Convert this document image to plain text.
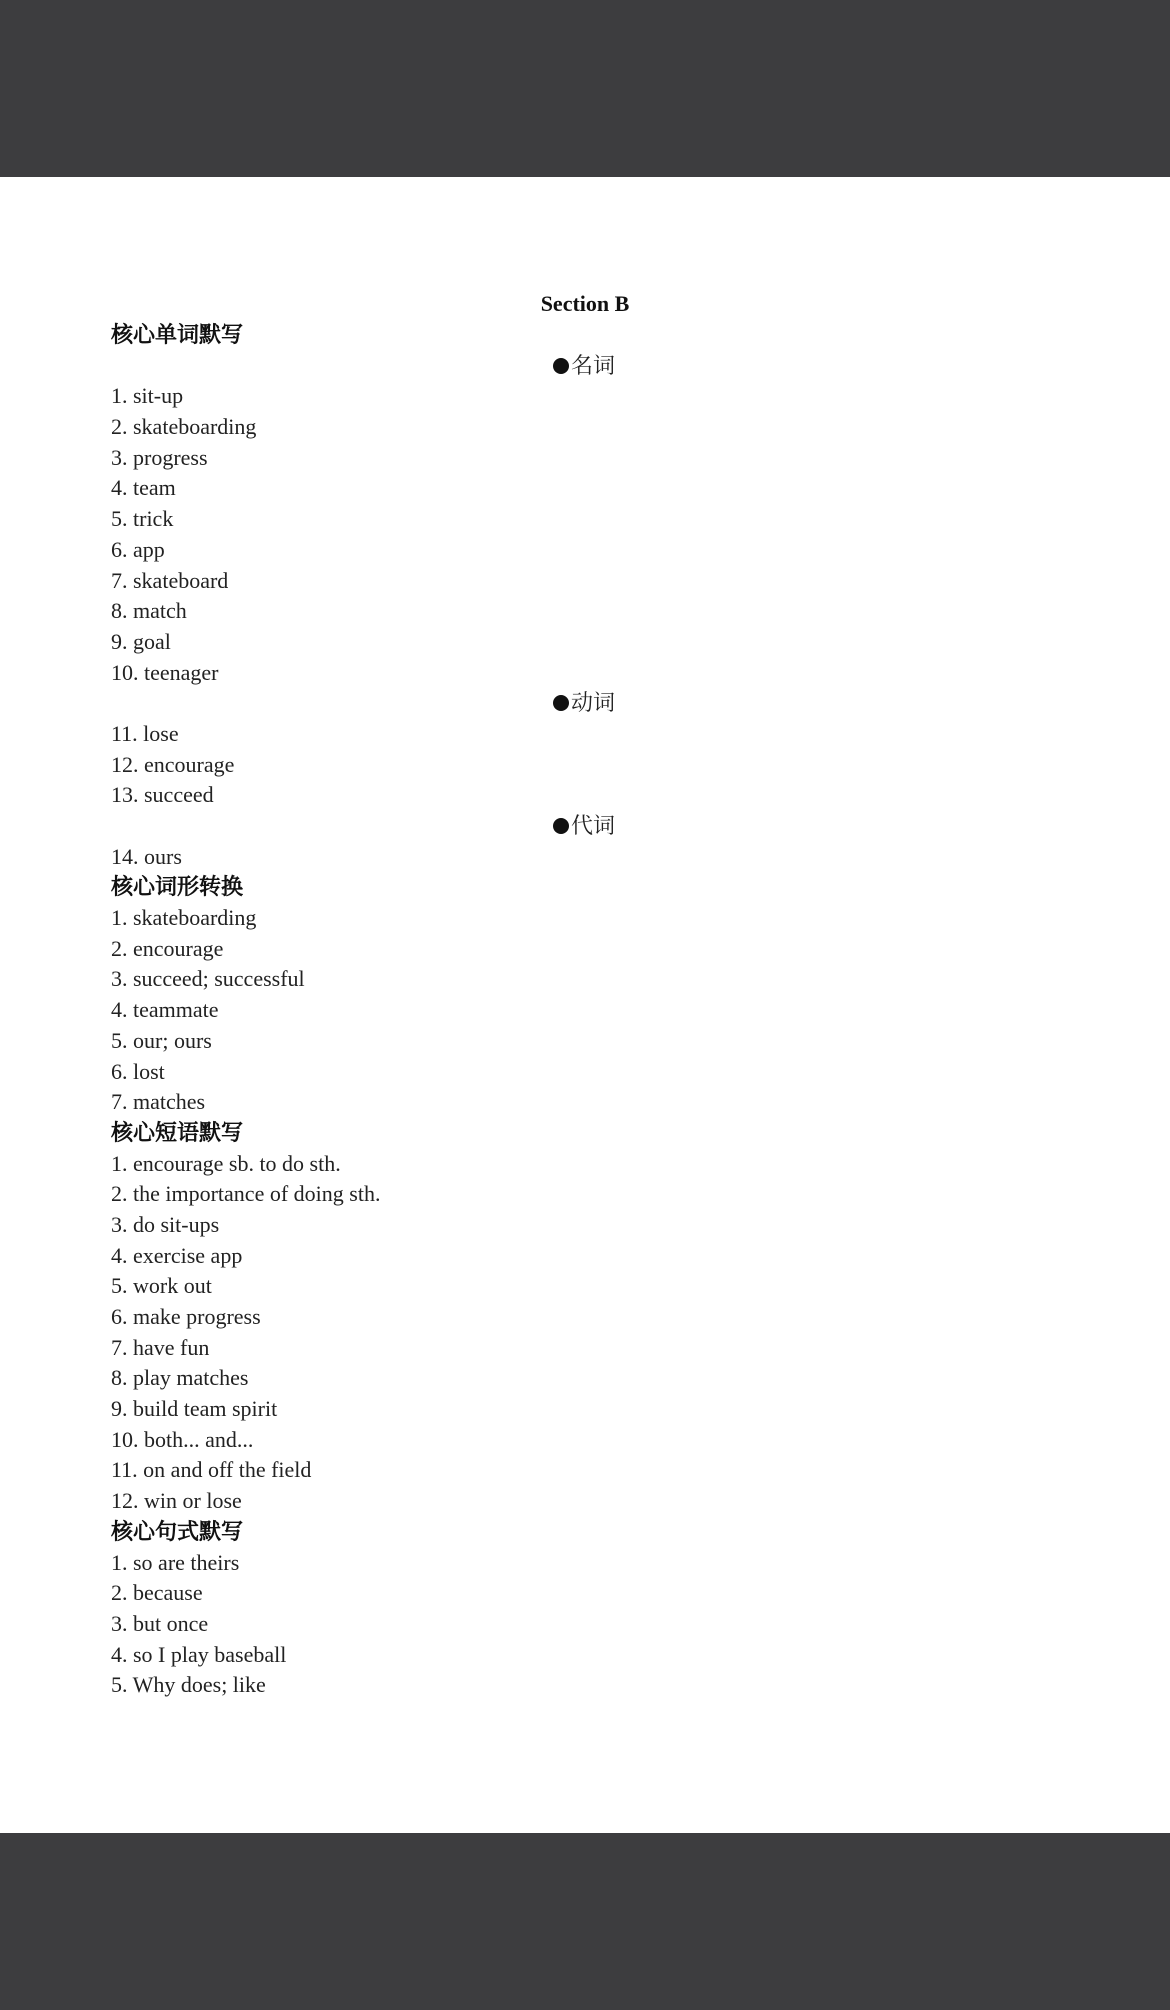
Section B
核心单词默写
名词
1. sit-up
2. skateboarding
3. progress
4. team
5. trick
6. app
7. skateboard
8. match
9. goal
10. teenager
动词
11. lose
12. encourage
13. succeed
代词
14. ours
核心词形转换
1. skateboarding
2. encourage
3. succeed; successful
4. teammate
5. our; ours
6. lost
7. matches
核心短语默写
1. encourage sb. to do sth.
2. the importance of doing sth.
3. do sit-ups
4. exercise app
5. work out
6. make progress
7. have fun
8. play matches
9. build team spirit
10. both... and...
11. on and off the field
12. win or lose
核心句式默写
1. so are theirs
2. because
3. but once
4. so I play baseball
5. Why does; like
